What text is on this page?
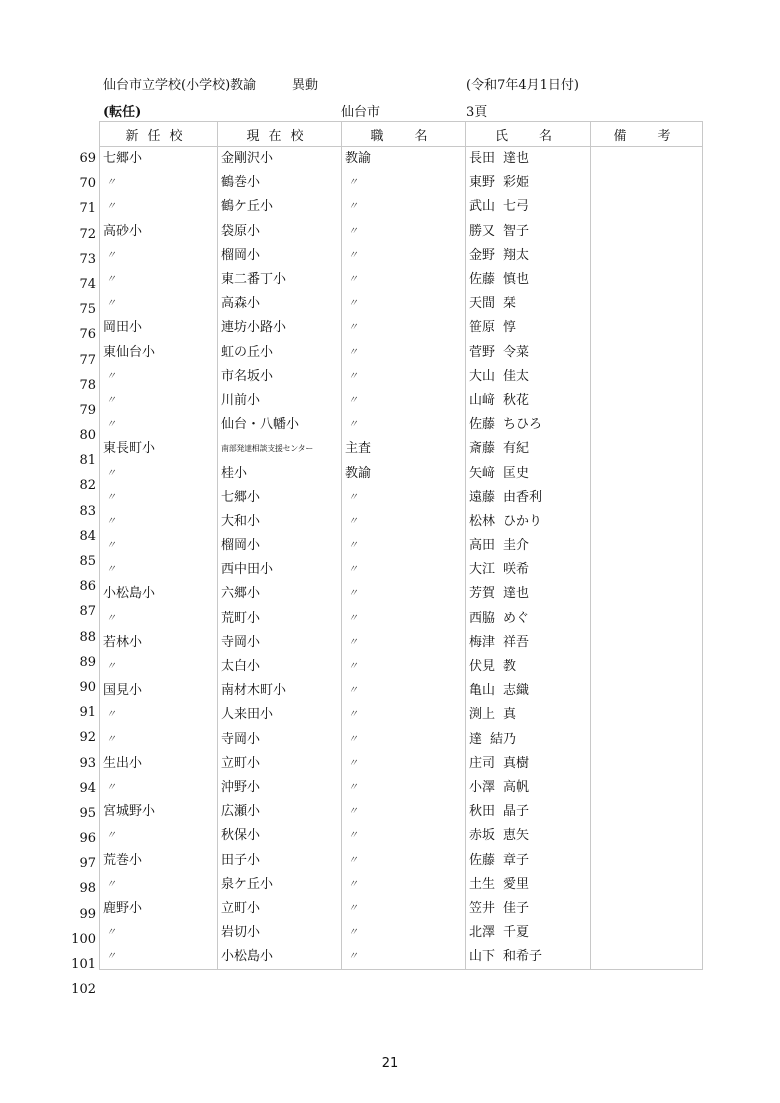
仙台市立学校(小学校)教諭	異動	(令和7年4月1日付)
(転任)	仙台市	3頁
69
70
71
72
73
74
75
76
77
78
79
80
81
82
83
84
85
86
87
88
89
90
91
92
93
94
95
96
97
98
99
100
101
102
新任校	現在校	職　名	氏　名	備　考
七郷小	金剛沢小	教諭	長田 達也	
〃	鶴巻小	〃	東野 彩姫	
〃	鶴ケ丘小	〃	武山 七弓	
高砂小	袋原小	〃	勝又 智子	
〃	榴岡小	〃	金野 翔太	
〃	東二番丁小	〃	佐藤 慎也	
〃	高森小	〃	天間 栞	
岡田小	連坊小路小	〃	笹原 惇	
東仙台小	虹の丘小	〃	菅野 令菜	
〃	市名坂小	〃	大山 佳太	
〃	川前小	〃	山﨑 秋花	
〃	仙台・八幡小	〃	佐藤 ちひろ	
東長町小	南部発達相談支援センター	主査	斎藤 有紀	
〃	桂小	教諭	矢﨑 匡史	
〃	七郷小	〃	遠藤 由香利	
〃	大和小	〃	松林 ひかり	
〃	榴岡小	〃	高田 圭介	
〃	西中田小	〃	大江 咲希	
小松島小	六郷小	〃	芳賀 達也	
〃	荒町小	〃	西脇 めぐ	
若林小	寺岡小	〃	梅津 祥吾	
〃	太白小	〃	伏見 教	
国見小	南材木町小	〃	亀山 志織	
〃	人来田小	〃	渕上 真	
〃	寺岡小	〃	達 結乃	
生出小	立町小	〃	庄司 真樹	
〃	沖野小	〃	小澤 高帆	
宮城野小	広瀬小	〃	秋田 晶子	
〃	秋保小	〃	赤坂 恵矢	
荒巻小	田子小	〃	佐藤 章子	
〃	泉ケ丘小	〃	土生 愛里	
鹿野小	立町小	〃	笠井 佳子	
〃	岩切小	〃	北澤 千夏	
〃	小松島小	〃	山下 和希子	
21
